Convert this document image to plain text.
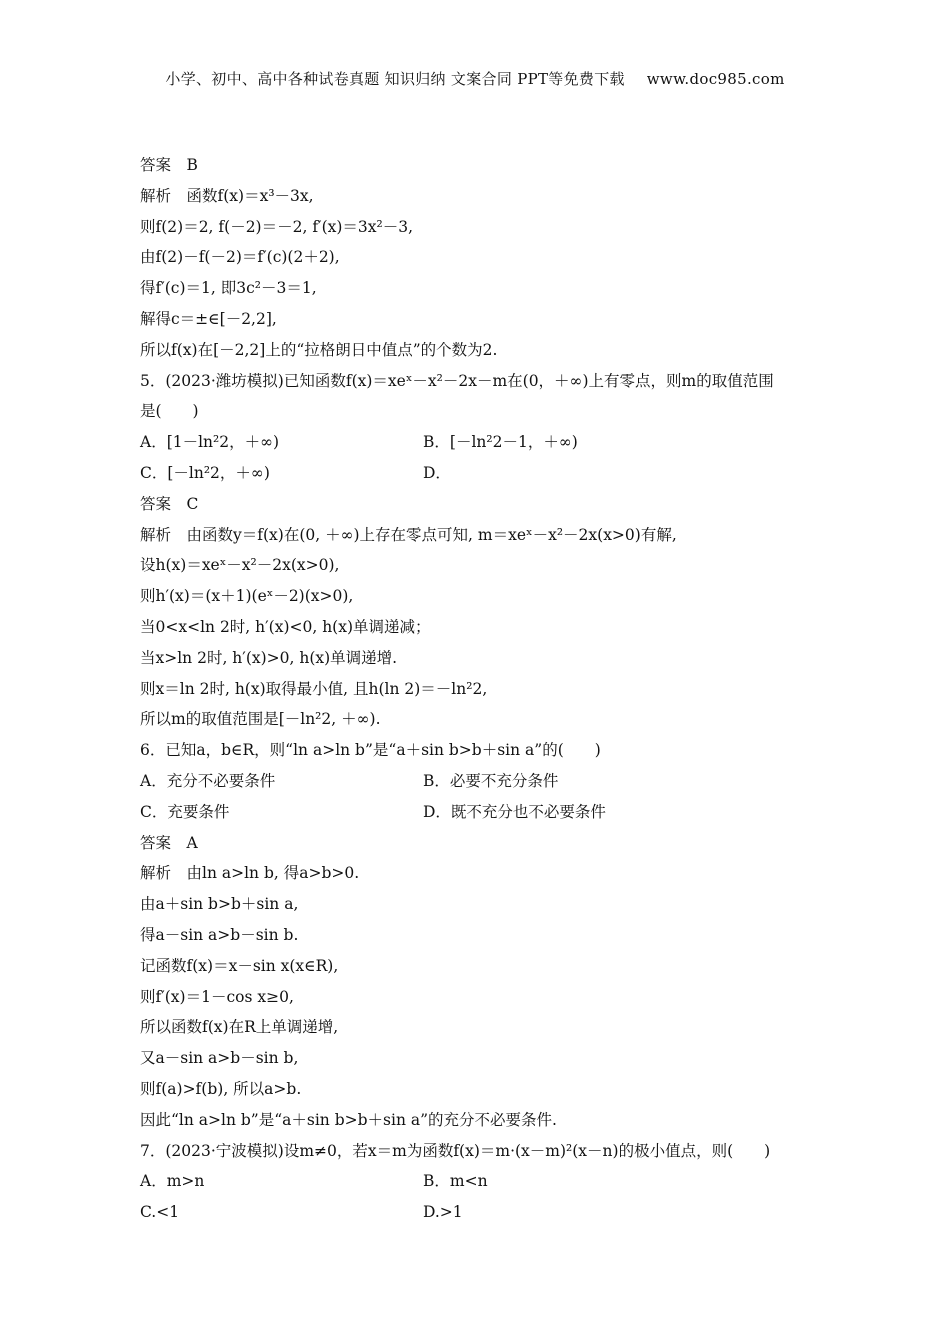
小学、初中、高中各种试卷真题 知识归纳 文案合同 PPT等免费下载 www.doc985.com
答案　B
解析　函数f(x)＝x³－3x,
则f(2)＝2, f(－2)＝－2, f′(x)＝3x²－3,
由f(2)－f(－2)＝f′(c)(2＋2),
得f′(c)＝1, 即3c²－3＝1,
解得c＝±∈[－2,2],
所以f(x)在[－2,2]上的“拉格朗日中值点”的个数为2.
5．(2023·潍坊模拟)已知函数f(x)＝xeˣ－x²－2x－m在(0，＋∞)上有零点，则m的取值范围
是(　　)
A．[1－ln²2，＋∞)	B．[－ln²2－1，＋∞)
C．[－ln²2，＋∞)	D．
答案　C
解析　由函数y＝f(x)在(0, ＋∞)上存在零点可知, m＝xeˣ－x²－2x(x>0)有解,
设h(x)＝xeˣ－x²－2x(x>0),
则h′(x)＝(x＋1)(eˣ－2)(x>0),
当0<x<ln 2时, h′(x)<0, h(x)单调递减；
当x>ln 2时, h′(x)>0, h(x)单调递增.
则x＝ln 2时, h(x)取得最小值, 且h(ln 2)＝－ln²2,
所以m的取值范围是[－ln²2, ＋∞).
6．已知a，b∈R，则“ln a>ln b”是“a＋sin b>b＋sin a”的(　　)
A．充分不必要条件	B．必要不充分条件
C．充要条件	D．既不充分也不必要条件
答案　A
解析　由ln a>ln b, 得a>b>0.
由a＋sin b>b＋sin a,
得a－sin a>b－sin b.
记函数f(x)＝x－sin x(x∈R),
则f′(x)＝1－cos x≥0,
所以函数f(x)在R上单调递增,
又a－sin a>b－sin b,
则f(a)>f(b), 所以a>b.
因此“ln a>ln b”是“a＋sin b>b＋sin a”的充分不必要条件.
7．(2023·宁波模拟)设m≠0，若x＝m为函数f(x)＝m·(x－m)²(x－n)的极小值点，则(　　)
A．m>n	B．m<n
C.<1	D.>1
